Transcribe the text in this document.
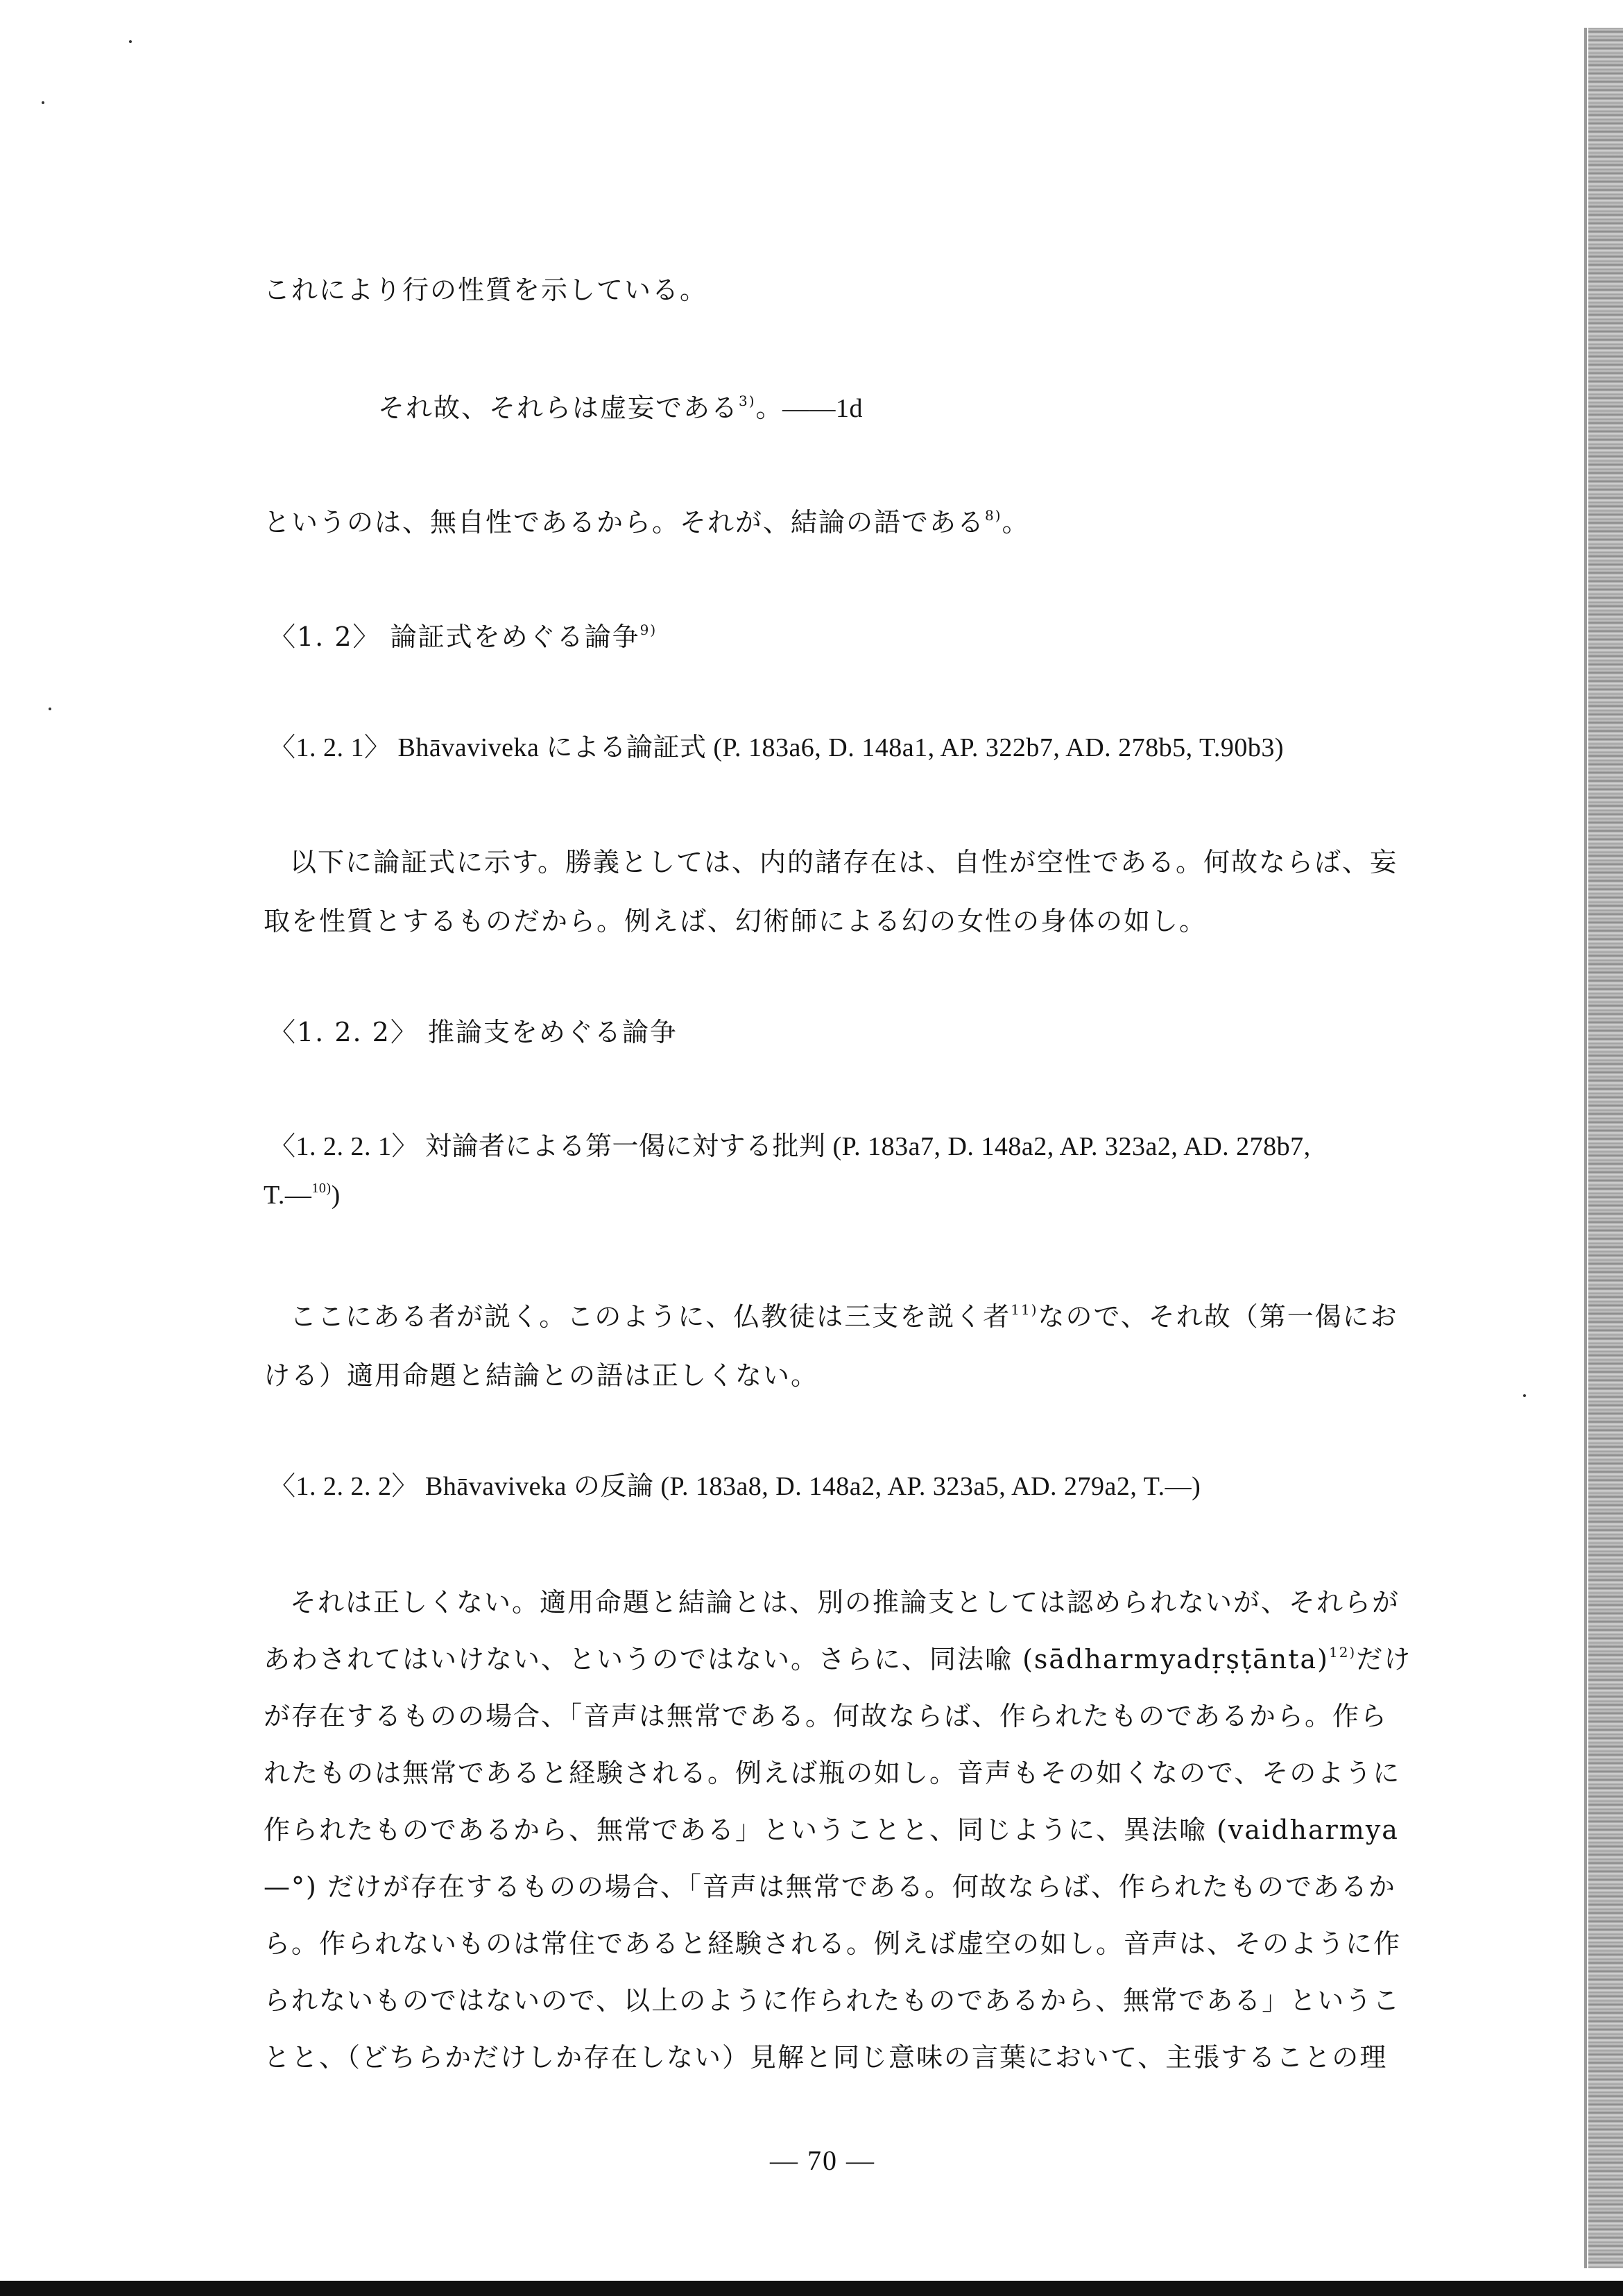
これにより行の性質を示している。
それ故、それらは虚妄である$^{3)}$。——1d
というのは、無自性であるから。それが、結論の語である$^{8)}$。
〈1. 2〉 論証式をめぐる論争$^{9)}$
〈1. 2. 1〉 Bhāvaviveka による論証式 (P. 183a6, D. 148a1, AP. 322b7, AD. 278b5, T.90b3)
以下に論証式に示す。勝義としては、内的諸存在は、自性が空性である。何故ならば、妄
取を性質とするものだから。例えば、幻術師による幻の女性の身体の如し。
〈1. 2. 2〉 推論支をめぐる論争
〈1. 2. 2. 1〉 対論者による第一偈に対する批判 (P. 183a7, D. 148a2, AP. 323a2, AD. 278b7,
T.—$^{10)}$)
ここにある者が説く。このように、仏教徒は三支を説く者$^{11)}$なので、それ故（第一偈にお
ける）適用命題と結論との語は正しくない。
〈1. 2. 2. 2〉 Bhāvaviveka の反論 (P. 183a8, D. 148a2, AP. 323a5, AD. 279a2, T.—)
それは正しくない。適用命題と結論とは、別の推論支としては認められないが、それらが
あわされてはいけない、というのではない。さらに、同法喩 (sādharmyadṛṣṭānta)$^{12)}$だけ
が存在するものの場合、「音声は無常である。何故ならば、作られたものであるから。作ら
れたものは無常であると経験される。例えば瓶の如し。音声もその如くなので、そのように
作られたものであるから、無常である」ということと、同じように、異法喩 (vaidharmya
—°) だけが存在するものの場合、「音声は無常である。何故ならば、作られたものであるか
ら。作られないものは常住であると経験される。例えば虚空の如し。音声は、そのように作
られないものではないので、以上のように作られたものであるから、無常である」というこ
とと、（どちらかだけしか存在しない）見解と同じ意味の言葉において、主張することの理
— 70 —
